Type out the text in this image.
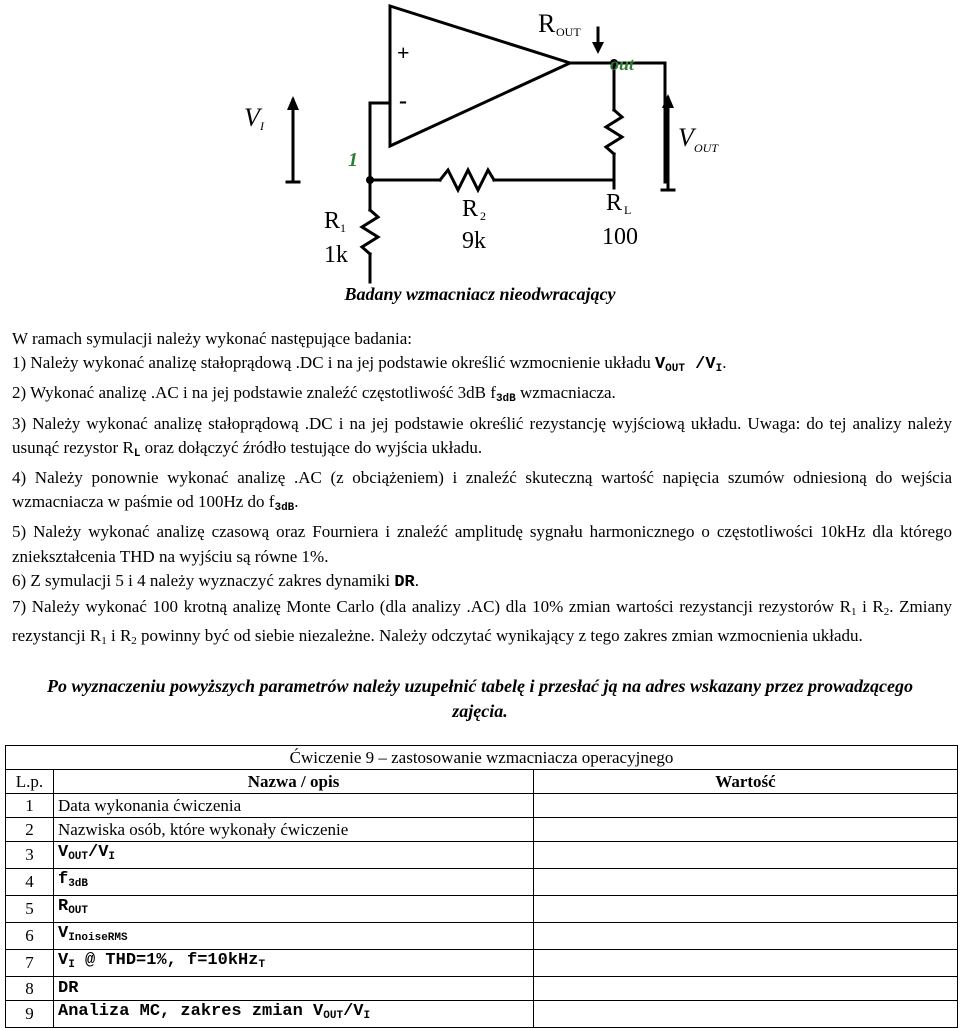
+
-
V I
1
R OUT
out
V OUT
R 1
1k
R 2
9k
R L
100
Badany wzmacniacz nieodwracający

W ramach symulacji należy wykonać następujące badania:

1) Należy wykonać analizę stałoprądową .DC i na jej podstawie określić wzmocnienie układu $V_{OUT}$ $/V_I$.

2) Wykonać analizę .AC i na jej podstawie znaleźć częstotliwość 3dB $f_{3dB}$ wzmacniacza.

3) Należy wykonać analizę stałoprądową .DC i na jej podstawie określić rezystancję wyjściową układu. Uwaga: do tej analizy należy usunąć rezystor $R_L$ oraz dołączyć źródło testujące do wyjścia układu.

4) Należy ponownie wykonać analizę .AC (z obciążeniem) i znaleźć skuteczną wartość napięcia szumów odniesioną do wejścia wzmacniacza w paśmie od 100Hz do $f_{3dB}$.

5) Należy wykonać analizę czasową oraz Fourniera i znaleźć amplitudę sygnału harmonicznego o częstotliwości 10kHz dla którego zniekształcenia THD na wyjściu są równe 1%.

6) Z symulacji 5 i 4 należy wyznaczyć zakres dynamiki DR.

7) Należy wykonać 100 krotną analizę Monte Carlo (dla analizy .AC) dla 10% zmian wartości rezystancji rezystorów $R_1$ i $R_2$. Zmiany rezystancji $R_1$ i $R_2$ powinny być od siebie niezależne. Należy odczytać wynikający z tego zakres zmian wzmocnienia układu.

Po wyznaczeniu powyższych parametrów należy uzupełnić tabelę i przesłać ją na adres wskazany przez prowadzącego zajęcia.
Ćwiczenie 9 – zastosowanie wzmacniacza operacyjnego		
L.p.	Nazwa / opis	Wartość
1	Data wykonania ćwiczenia	
2	Nazwiska osób, które wykonały ćwiczenie	
3	$V_{OUT}/V_I$	
4	$f_{3dB}$	
5	$R_{OUT}$	
6	$V_{InoiseRMS}$	
7	$V_I$ @ THD=1%, f=10kHz$_T$	
8	DR	
9	Analiza MC, zakres zmian $V_{OUT}/V_I$	
